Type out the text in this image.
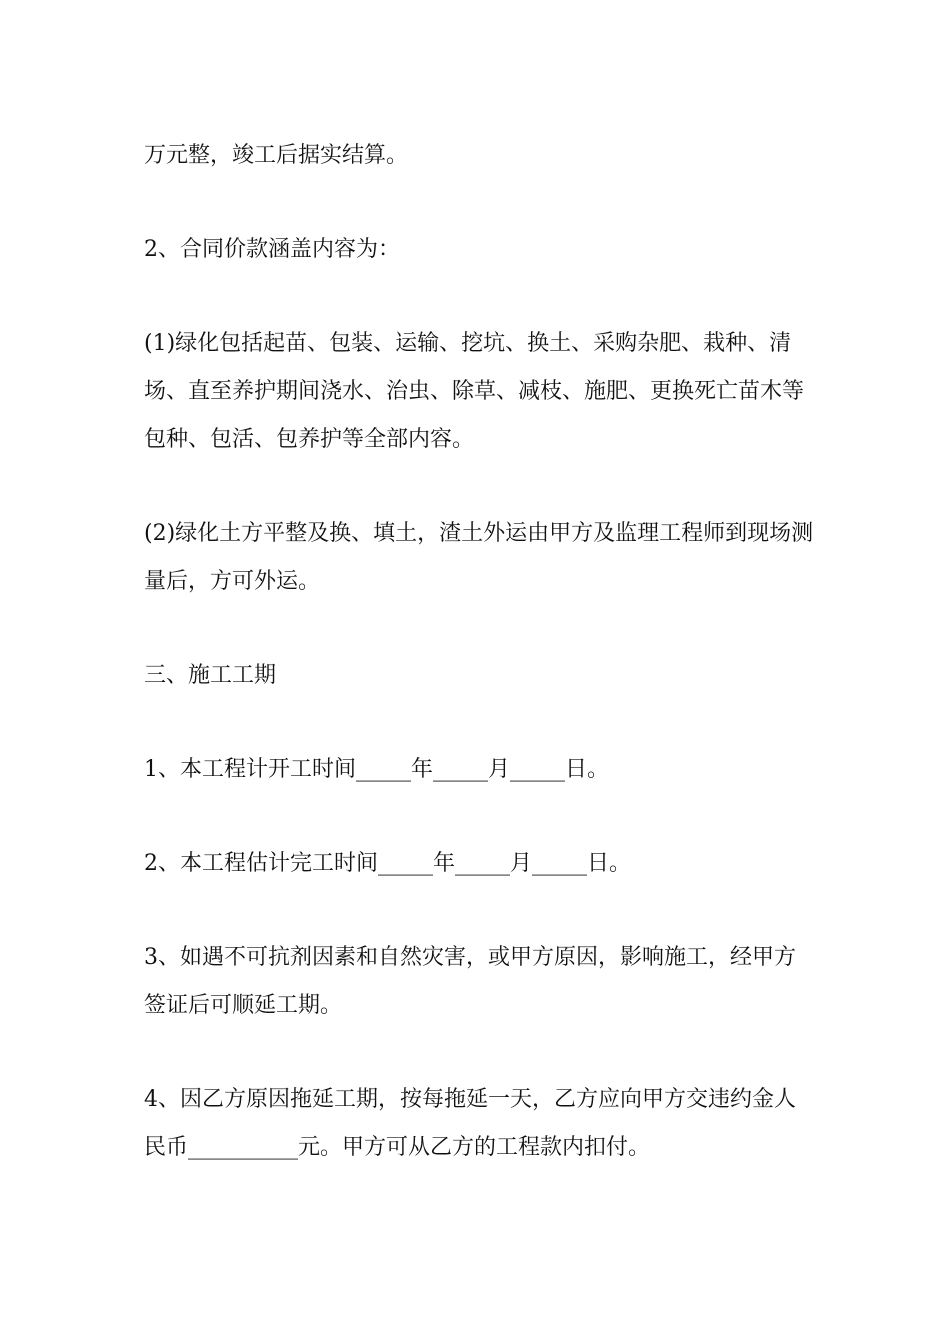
万元整，竣工后据实结算。

2、合同价款涵盖内容为：

(1)绿化包括起苗、包装、运输、挖坑、换土、采购杂肥、栽种、清场、直至养护期间浇水、治虫、除草、减枝、施肥、更换死亡苗木等包种、包活、包养护等全部内容。

(2)绿化土方平整及换、填土，渣土外运由甲方及监理工程师到现场测量后，方可外运。

三、施工工期

1、本工程计开工时间_____年_____月_____日。

2、本工程估计完工时间_____年_____月_____日。

3、如遇不可抗剂因素和自然灾害，或甲方原因，影响施工，经甲方签证后可顺延工期。

4、因乙方原因拖延工期，按每拖延一天，乙方应向甲方交违约金人民币__________元。甲方可从乙方的工程款内扣付。
